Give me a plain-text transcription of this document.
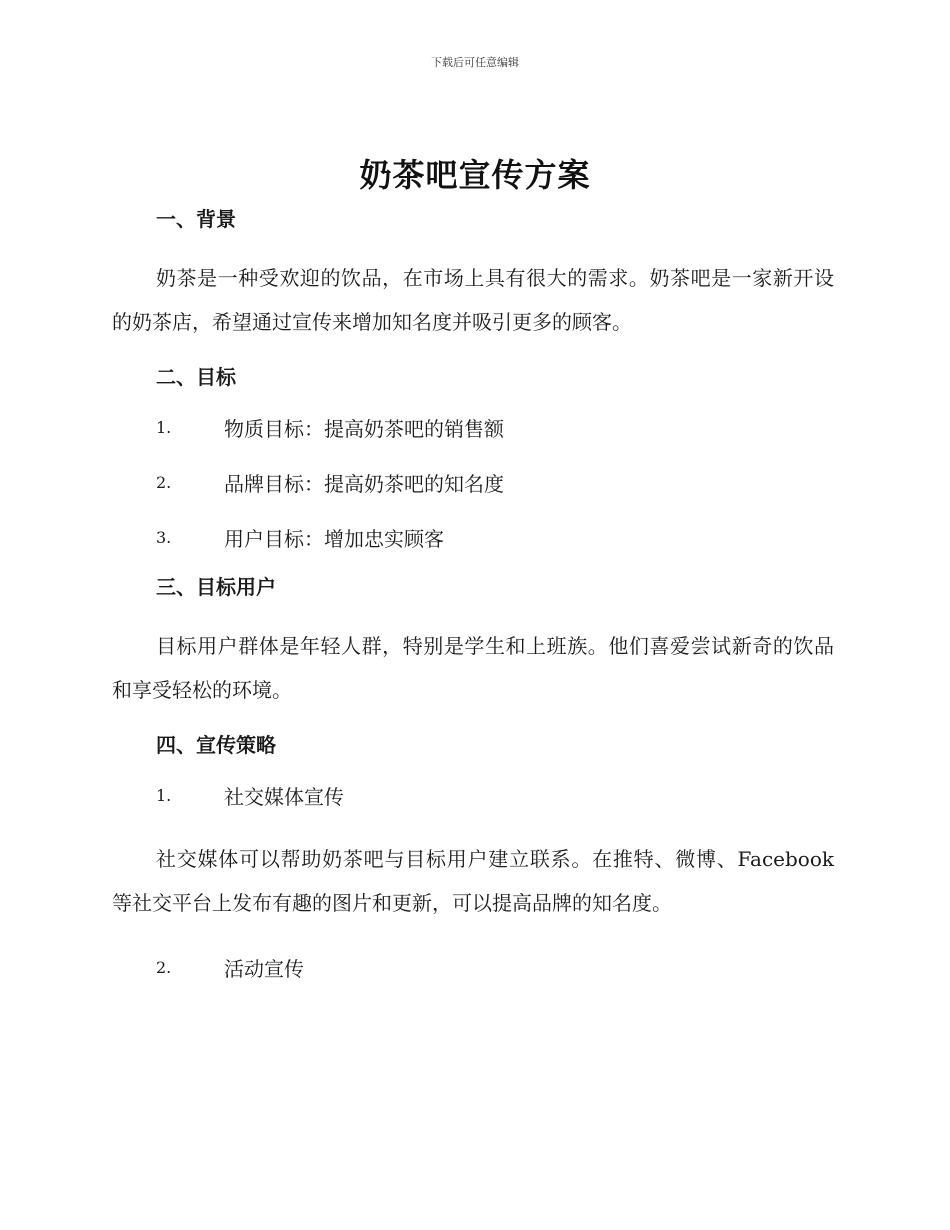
下载后可任意编辑
奶茶吧宣传方案
一、背景

奶茶是一种受欢迎的饮品，在市场上具有很大的需求。奶茶吧是一家新开设的奶茶店，希望通过宣传来增加知名度并吸引更多的顾客。

二、目标
1.	物质目标：提高奶茶吧的销售额
2.	品牌目标：提高奶茶吧的知名度
3.	用户目标：增加忠实顾客
三、目标用户

目标用户群体是年轻人群，特别是学生和上班族。他们喜爱尝试新奇的饮品和享受轻松的环境。

四、宣传策略
1.	社交媒体宣传

社交媒体可以帮助奶茶吧与目标用户建立联系。在推特、微博、Facebook 等社交平台上发布有趣的图片和更新，可以提高品牌的知名度。

2.	活动宣传
